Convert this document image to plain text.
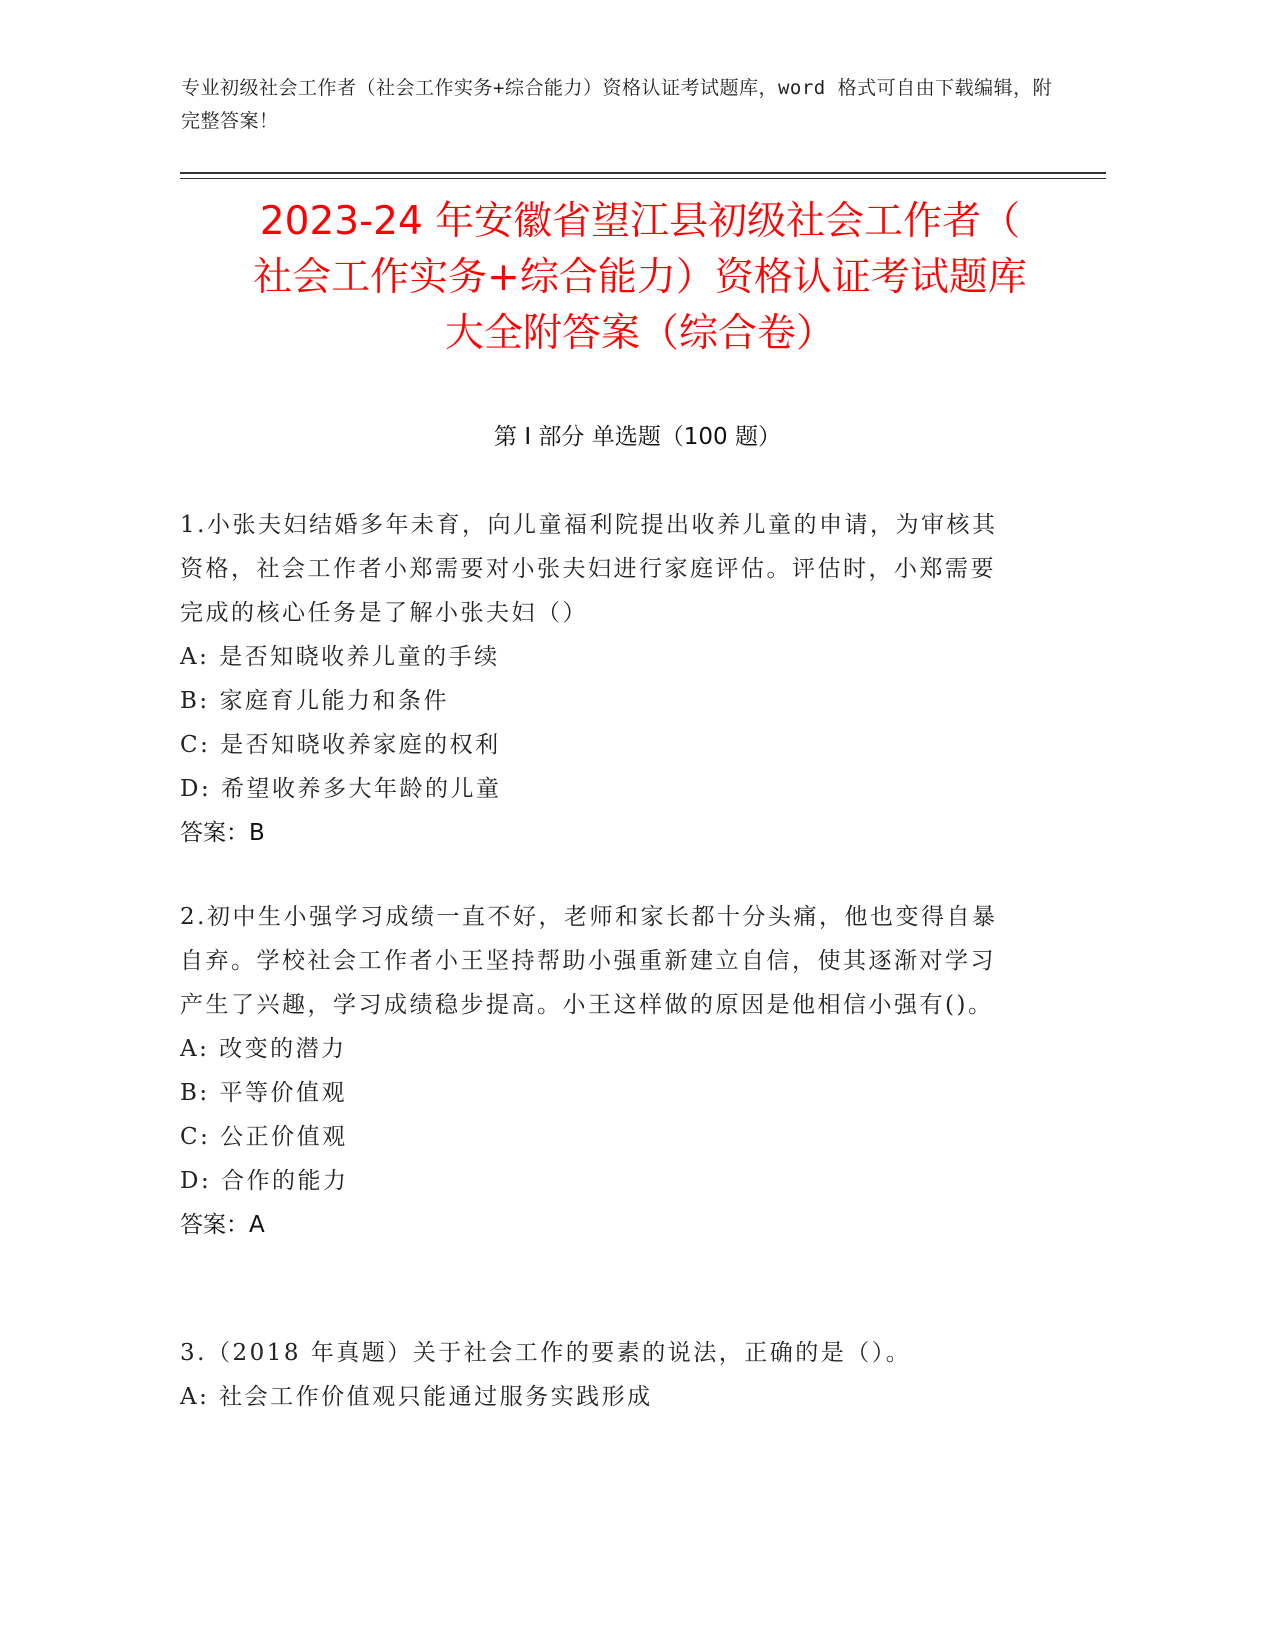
专业初级社会工作者（社会工作实务+综合能力）资格认证考试题库，word 格式可自由下载编辑，附完整答案！
2023-24 年安徽省望江县初级社会工作者（
社会工作实务+综合能力）资格认证考试题库
大全附答案（综合卷）
第 I 部分 单选题（100 题）
1.小张夫妇结婚多年未育，向儿童福利院提出收养儿童的申请，为审核其资格，社会工作者小郑需要对小张夫妇进行家庭评估。评估时，小郑需要完成的核心任务是了解小张夫妇（）
A: 是否知晓收养儿童的手续
B: 家庭育儿能力和条件
C: 是否知晓收养家庭的权利
D: 希望收养多大年龄的儿童
答案：B
2.初中生小强学习成绩一直不好，老师和家长都十分头痛，他也变得自暴自弃。学校社会工作者小王坚持帮助小强重新建立自信，使其逐渐对学习产生了兴趣，学习成绩稳步提高。小王这样做的原因是他相信小强有()。
A: 改变的潜力
B: 平等价值观
C: 公正价值观
D: 合作的能力
答案：A
3.（2018 年真题）关于社会工作的要素的说法，正确的是（）。
A: 社会工作价值观只能通过服务实践形成
